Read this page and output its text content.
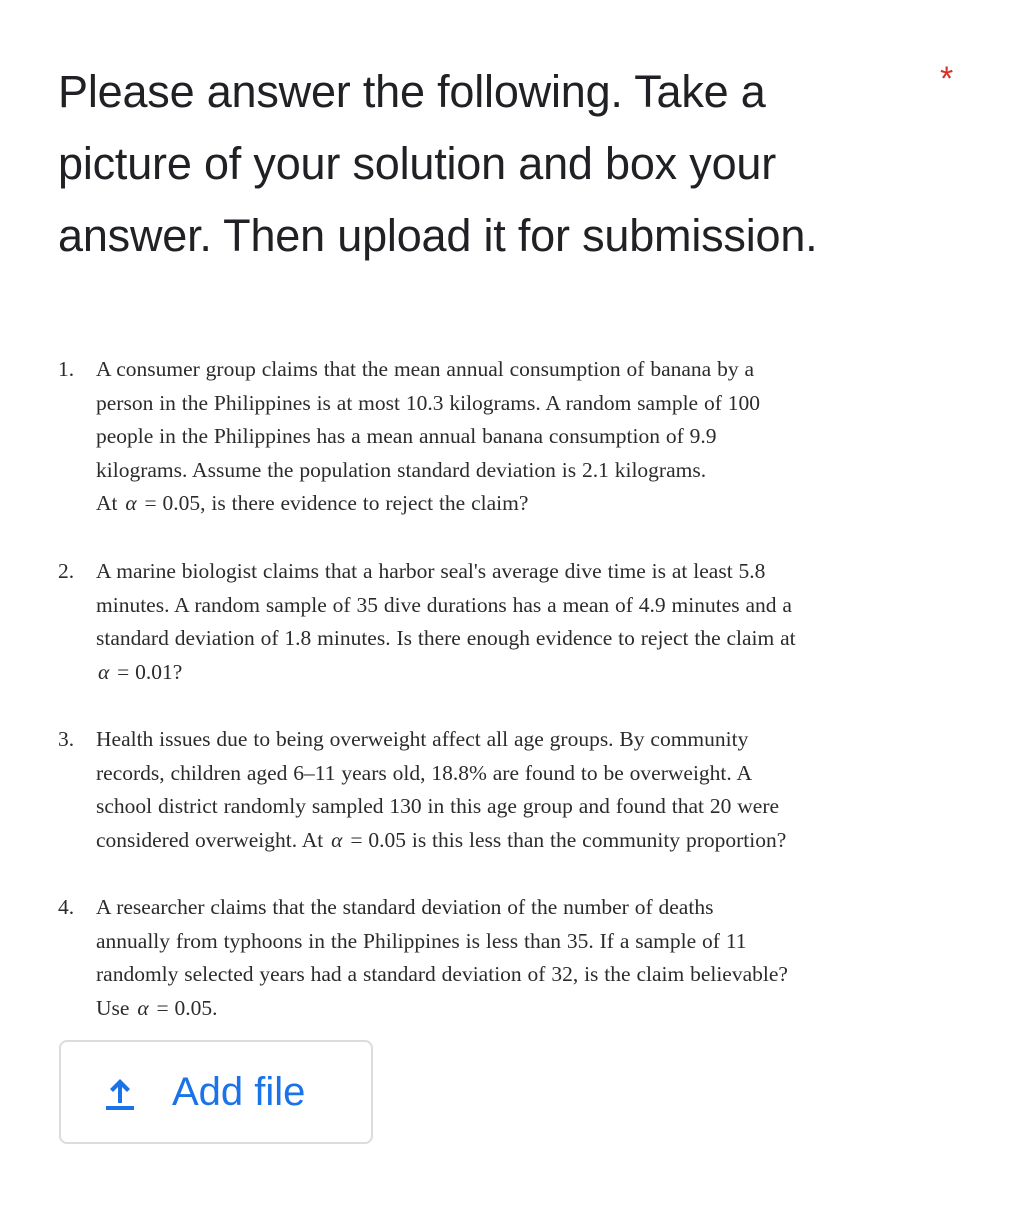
Please answer the following. Take a
picture of your solution and box your
answer. Then upload it for submission.
*
1. A consumer group claims that the mean annual consumption of banana by a
person in the Philippines is at most 10.3 kilograms. A random sample of 100
people in the Philippines has a mean annual banana consumption of 9.9
kilograms. Assume the population standard deviation is 2.1 kilograms.
At α = 0.05, is there evidence to reject the claim?
2. A marine biologist claims that a harbor seal's average dive time is at least 5.8
minutes. A random sample of 35 dive durations has a mean of 4.9 minutes and a
standard deviation of 1.8 minutes. Is there enough evidence to reject the claim at
α = 0.01?
3. Health issues due to being overweight affect all age groups. By community
records, children aged 6–11 years old, 18.8% are found to be overweight. A
school district randomly sampled 130 in this age group and found that 20 were
considered overweight. At α = 0.05 is this less than the community proportion?
4. A researcher claims that the standard deviation of the number of deaths
annually from typhoons in the Philippines is less than 35. If a sample of 11
randomly selected years had a standard deviation of 32, is the claim believable?
Use α = 0.05.
Add file
